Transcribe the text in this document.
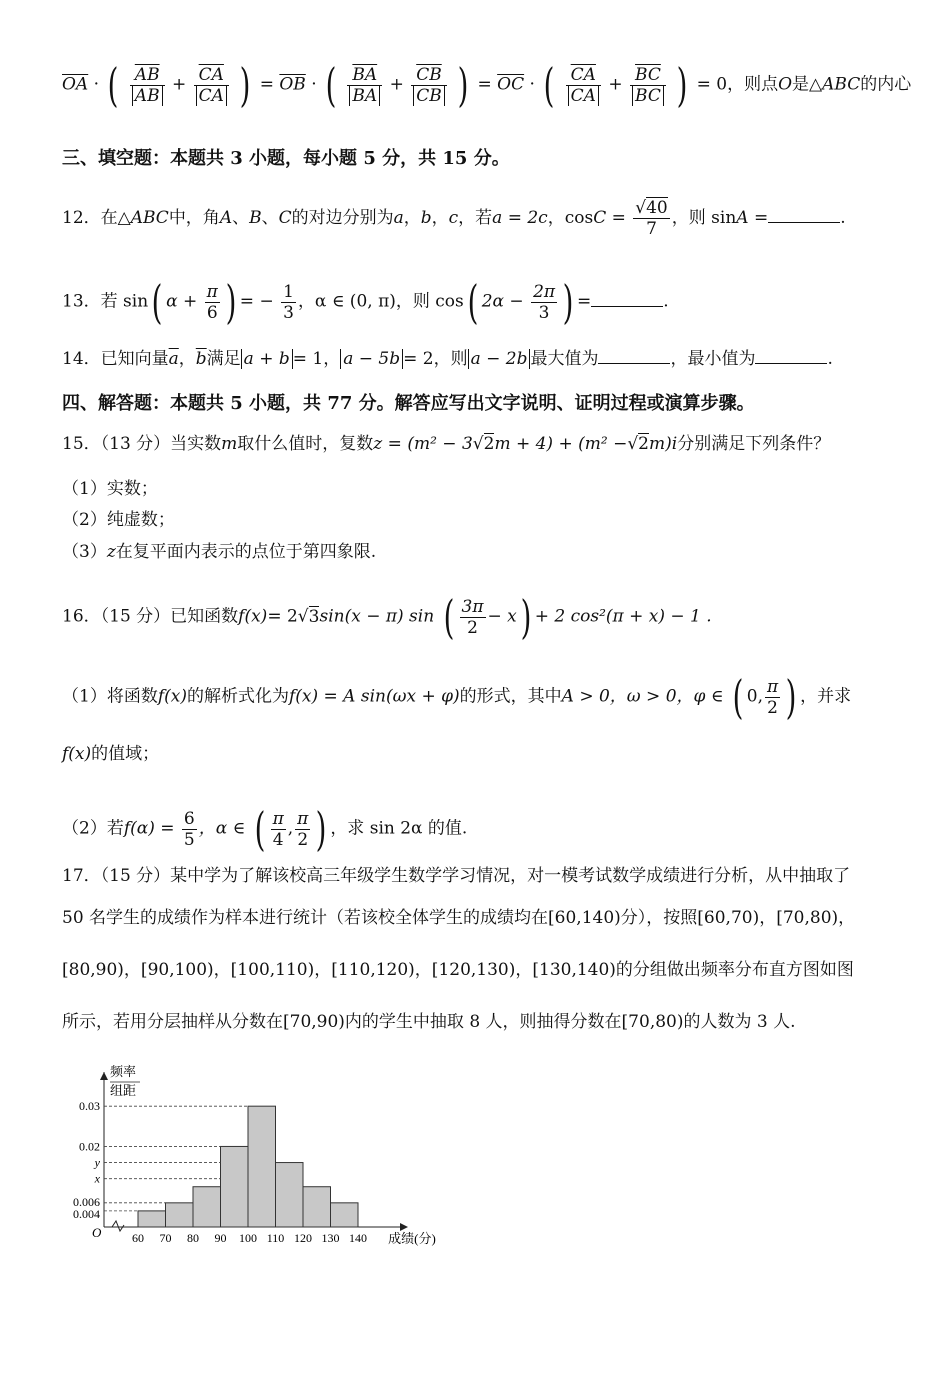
$\overline{OA}$ · ( $\frac{\overline{AB}}{AB} + \frac{\overline{CA}}{CA}$ ) = $\overline{OB}$ · ( $\frac{\overline{BA}}{BA} + \frac{\overline{CB}}{CB}$ ) = $\overline{OC}$ · ( $\frac{\overline{CA}}{CA} + \frac{\overline{BC}}{BC}$ ) = 0，则点O是△ABC的内心
三、填空题：本题共 3 小题，每小题 5 分，共 15 分。
12．在△ABC中，角A、B、C的对边分别为a，b，c，若a = 2c，$\cos C = \frac{√40}{7}$ ，则 sinA =	.
13．若 sin( $\alpha + \frac{\pi}{6}$ ) = − $\frac{1}{3}$ ，α ∈ (0, π)，则 cos( $2\alpha - \frac{2\pi}{3}$ ) =	.
14．已知向量$\overline{a}$，$\overline{b}$满足 a + b = 1， a − 5b = 2，则 a − 2b 最大值为	，最小值为	.
四、解答题：本题共 5 小题，共 77 分。解答应写出文字说明、证明过程或演算步骤。
15．（13 分）当实数m取什么值时，复数z = (m² − 3√2m + 4) + (m² −√2m)i分别满足下列条件？
（1）实数；
（2）纯虚数；
（3）z在复平面内表示的点位于第四象限.
16．（15 分）已知函数f(x)= 2√3sin(x − π) sin ( $\frac{3\pi}{2} - x) + 2$ cos²(π + x) − 1 .
（1）将函数f(x)的解析式化为f(x) = A sin(ωx + φ)的形式，其中A > 0，ω > 0，φ ∈ ( 0, $\frac{\pi}{2}$ ) ，并求
f(x)的值域；
（2）若$f(\alpha) = \frac{6}{5}$ ，α ∈ ( $\frac{\pi}{4}$ , $\frac{\pi}{2}$ ) ，求 sin 2α 的值.
17．（15 分）某中学为了解该校高三年级学生数学学习情况，对一模考试数学成绩进行分析，从中抽取了
50 名学生的成绩作为样本进行统计（若该校全体学生的成绩均在[60,140)分），按照[60,70)，[70,80)，
[80,90)，[90,100)，[100,110)，[110,120)，[120,130)，[130,140)的分组做出频率分布直方图如图
所示，若用分层抽样从分数在[70,90)内的学生中抽取 8 人，则抽得分数在[70,80)的人数为 3 人.
频率
组距
0.03
0.02
y
x
0.006
0.004
O	60 70 80 90 100 110 120 130 140 成绩(分)
